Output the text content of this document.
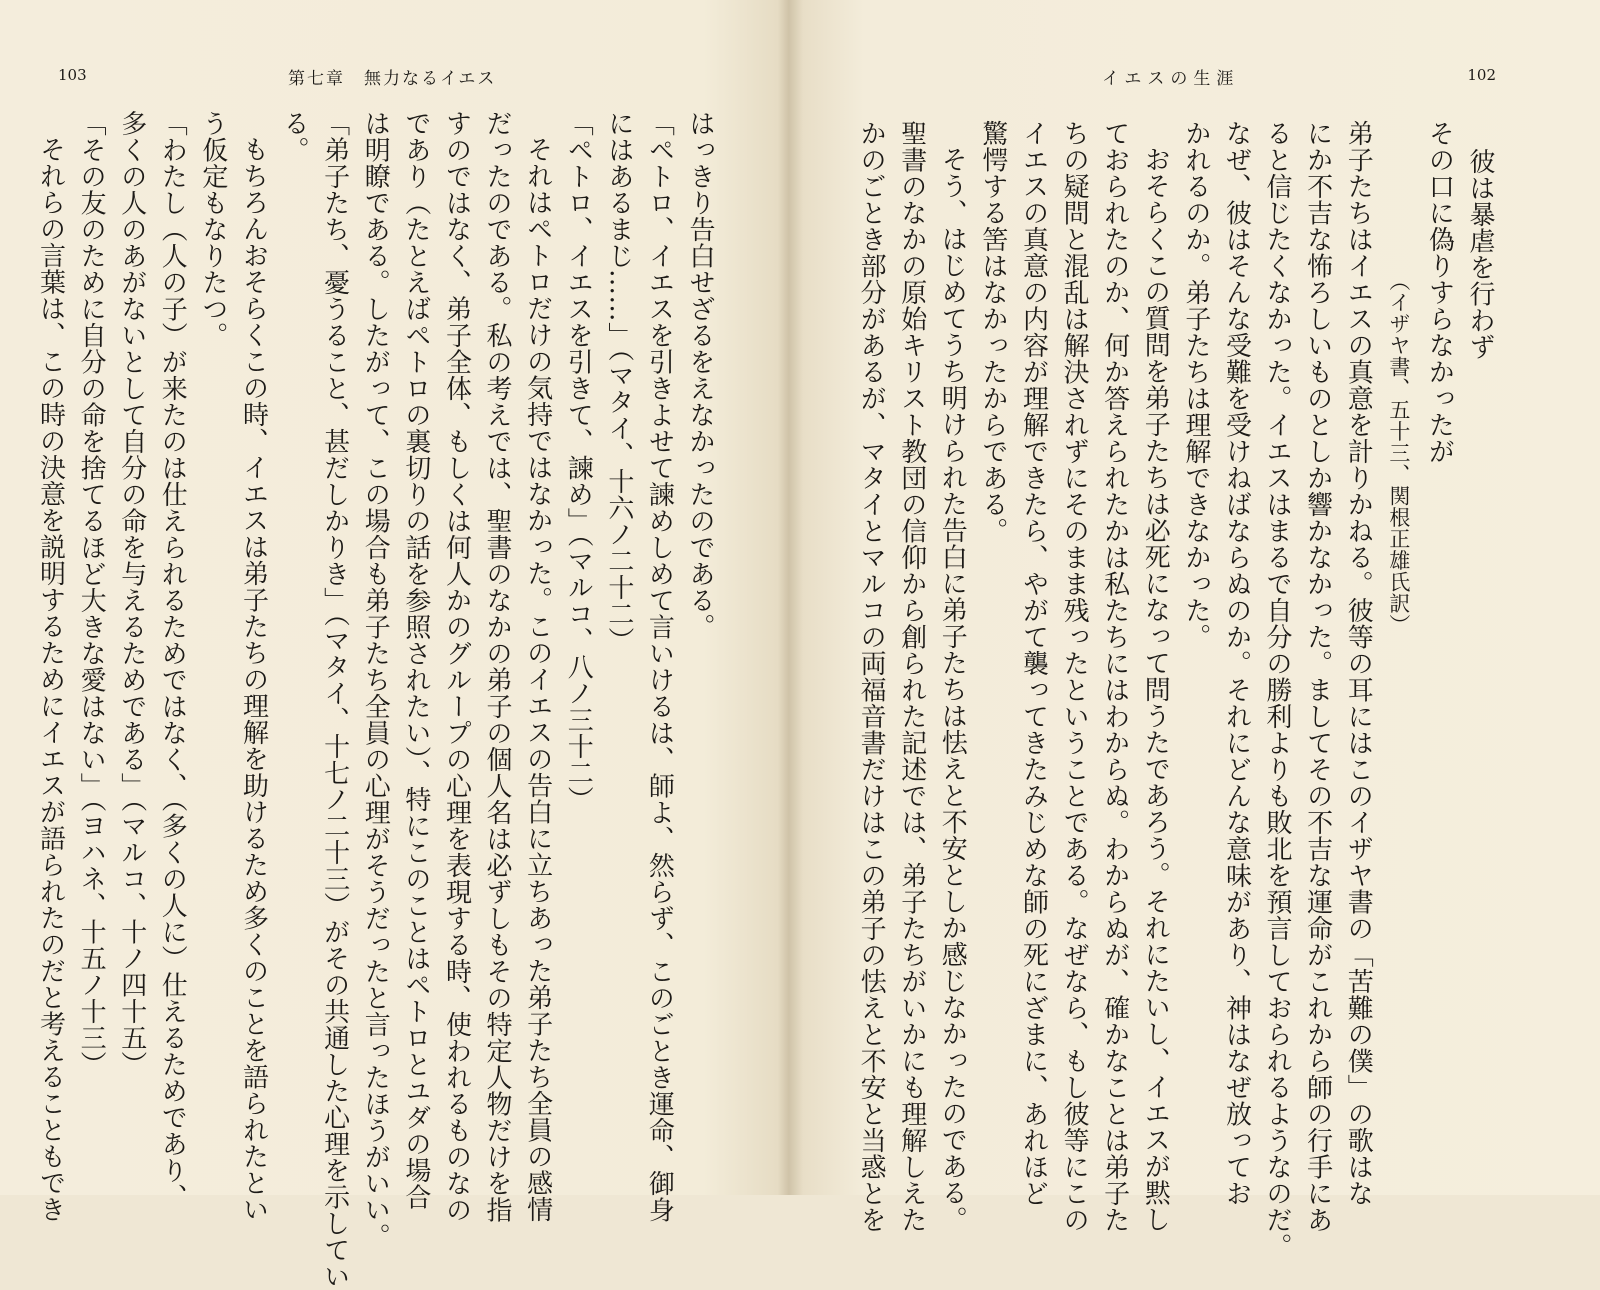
103	第七章　無力なるイエス

はっきり告白せざるをえなかったのである。

「ペトロ、イエスを引きよせて諫めしめて言いけるは、師よ、然らず、このごとき運命、御身

にはあるまじ……」（マタイ、十六ノ二十二）

「ペトロ、イエスを引きて、諫め」（マルコ、八ノ三十二）

それはペトロだけの気持ではなかった。このイエスの告白に立ちあった弟子たち全員の感情

だったのである。私の考えでは、聖書のなかの弟子の個人名は必ずしもその特定人物だけを指

すのではなく、弟子全体、もしくは何人かのグループの心理を表現する時、使われるものなの

であり（たとえばペトロの裏切りの話を参照されたい）、特にこのことはペトロとユダの場合

は明瞭である。したがって、この場合も弟子たち全員の心理がそうだったと言ったほうがいい。

「弟子たち、憂うること、甚だしかりき」（マタイ、十七ノ二十三）がその共通した心理を示してい

る。

もちろんおそらくこの時、イエスは弟子たちの理解を助けるため多くのことを語られたとい

う仮定もなりたつ。

「わたし（人の子）が来たのは仕えられるためではなく、（多くの人に）仕えるためであり、

多くの人のあがないとして自分の命を与えるためである」（マルコ、十ノ四十五）

「その友のために自分の命を捨てるほど大きな愛はない」（ヨハネ、十五ノ十三）

それらの言葉は、この時の決意を説明するためにイエスが語られたのだと考えることもでき

102
イエスの生涯

彼は暴虐を行わず

その口に偽りすらなかったが

（イザヤ書、五十三、関根正雄氏訳）

弟子たちはイエスの真意を計りかねる。彼等の耳にはこのイザヤ書の「苦難の僕」の歌はな

にか不吉な怖ろしいものとしか響かなかった。ましてその不吉な運命がこれから師の行手にあ

ると信じたくなかった。イエスはまるで自分の勝利よりも敗北を預言しておられるようなのだ。

なぜ、彼はそんな受難を受けねばならぬのか。それにどんな意味があり、神はなぜ放ってお

かれるのか。弟子たちは理解できなかった。

おそらくこの質問を弟子たちは必死になって問うたであろう。それにたいし、イエスが黙し

ておられたのか、何か答えられたかは私たちにはわからぬ。わからぬが、確かなことは弟子た

ちの疑問と混乱は解決されずにそのまま残ったということである。なぜなら、もし彼等にこの

イエスの真意の内容が理解できたら、やがて襲ってきたみじめな師の死にざまに、あれほど

驚愕する筈はなかったからである。

そう、はじめてうち明けられた告白に弟子たちは怯えと不安としか感じなかったのである。

聖書のなかの原始キリスト教団の信仰から創られた記述では、弟子たちがいかにも理解しえた

かのごとき部分があるが、マタイとマルコの両福音書だけはこの弟子の怯えと不安と当惑とを
